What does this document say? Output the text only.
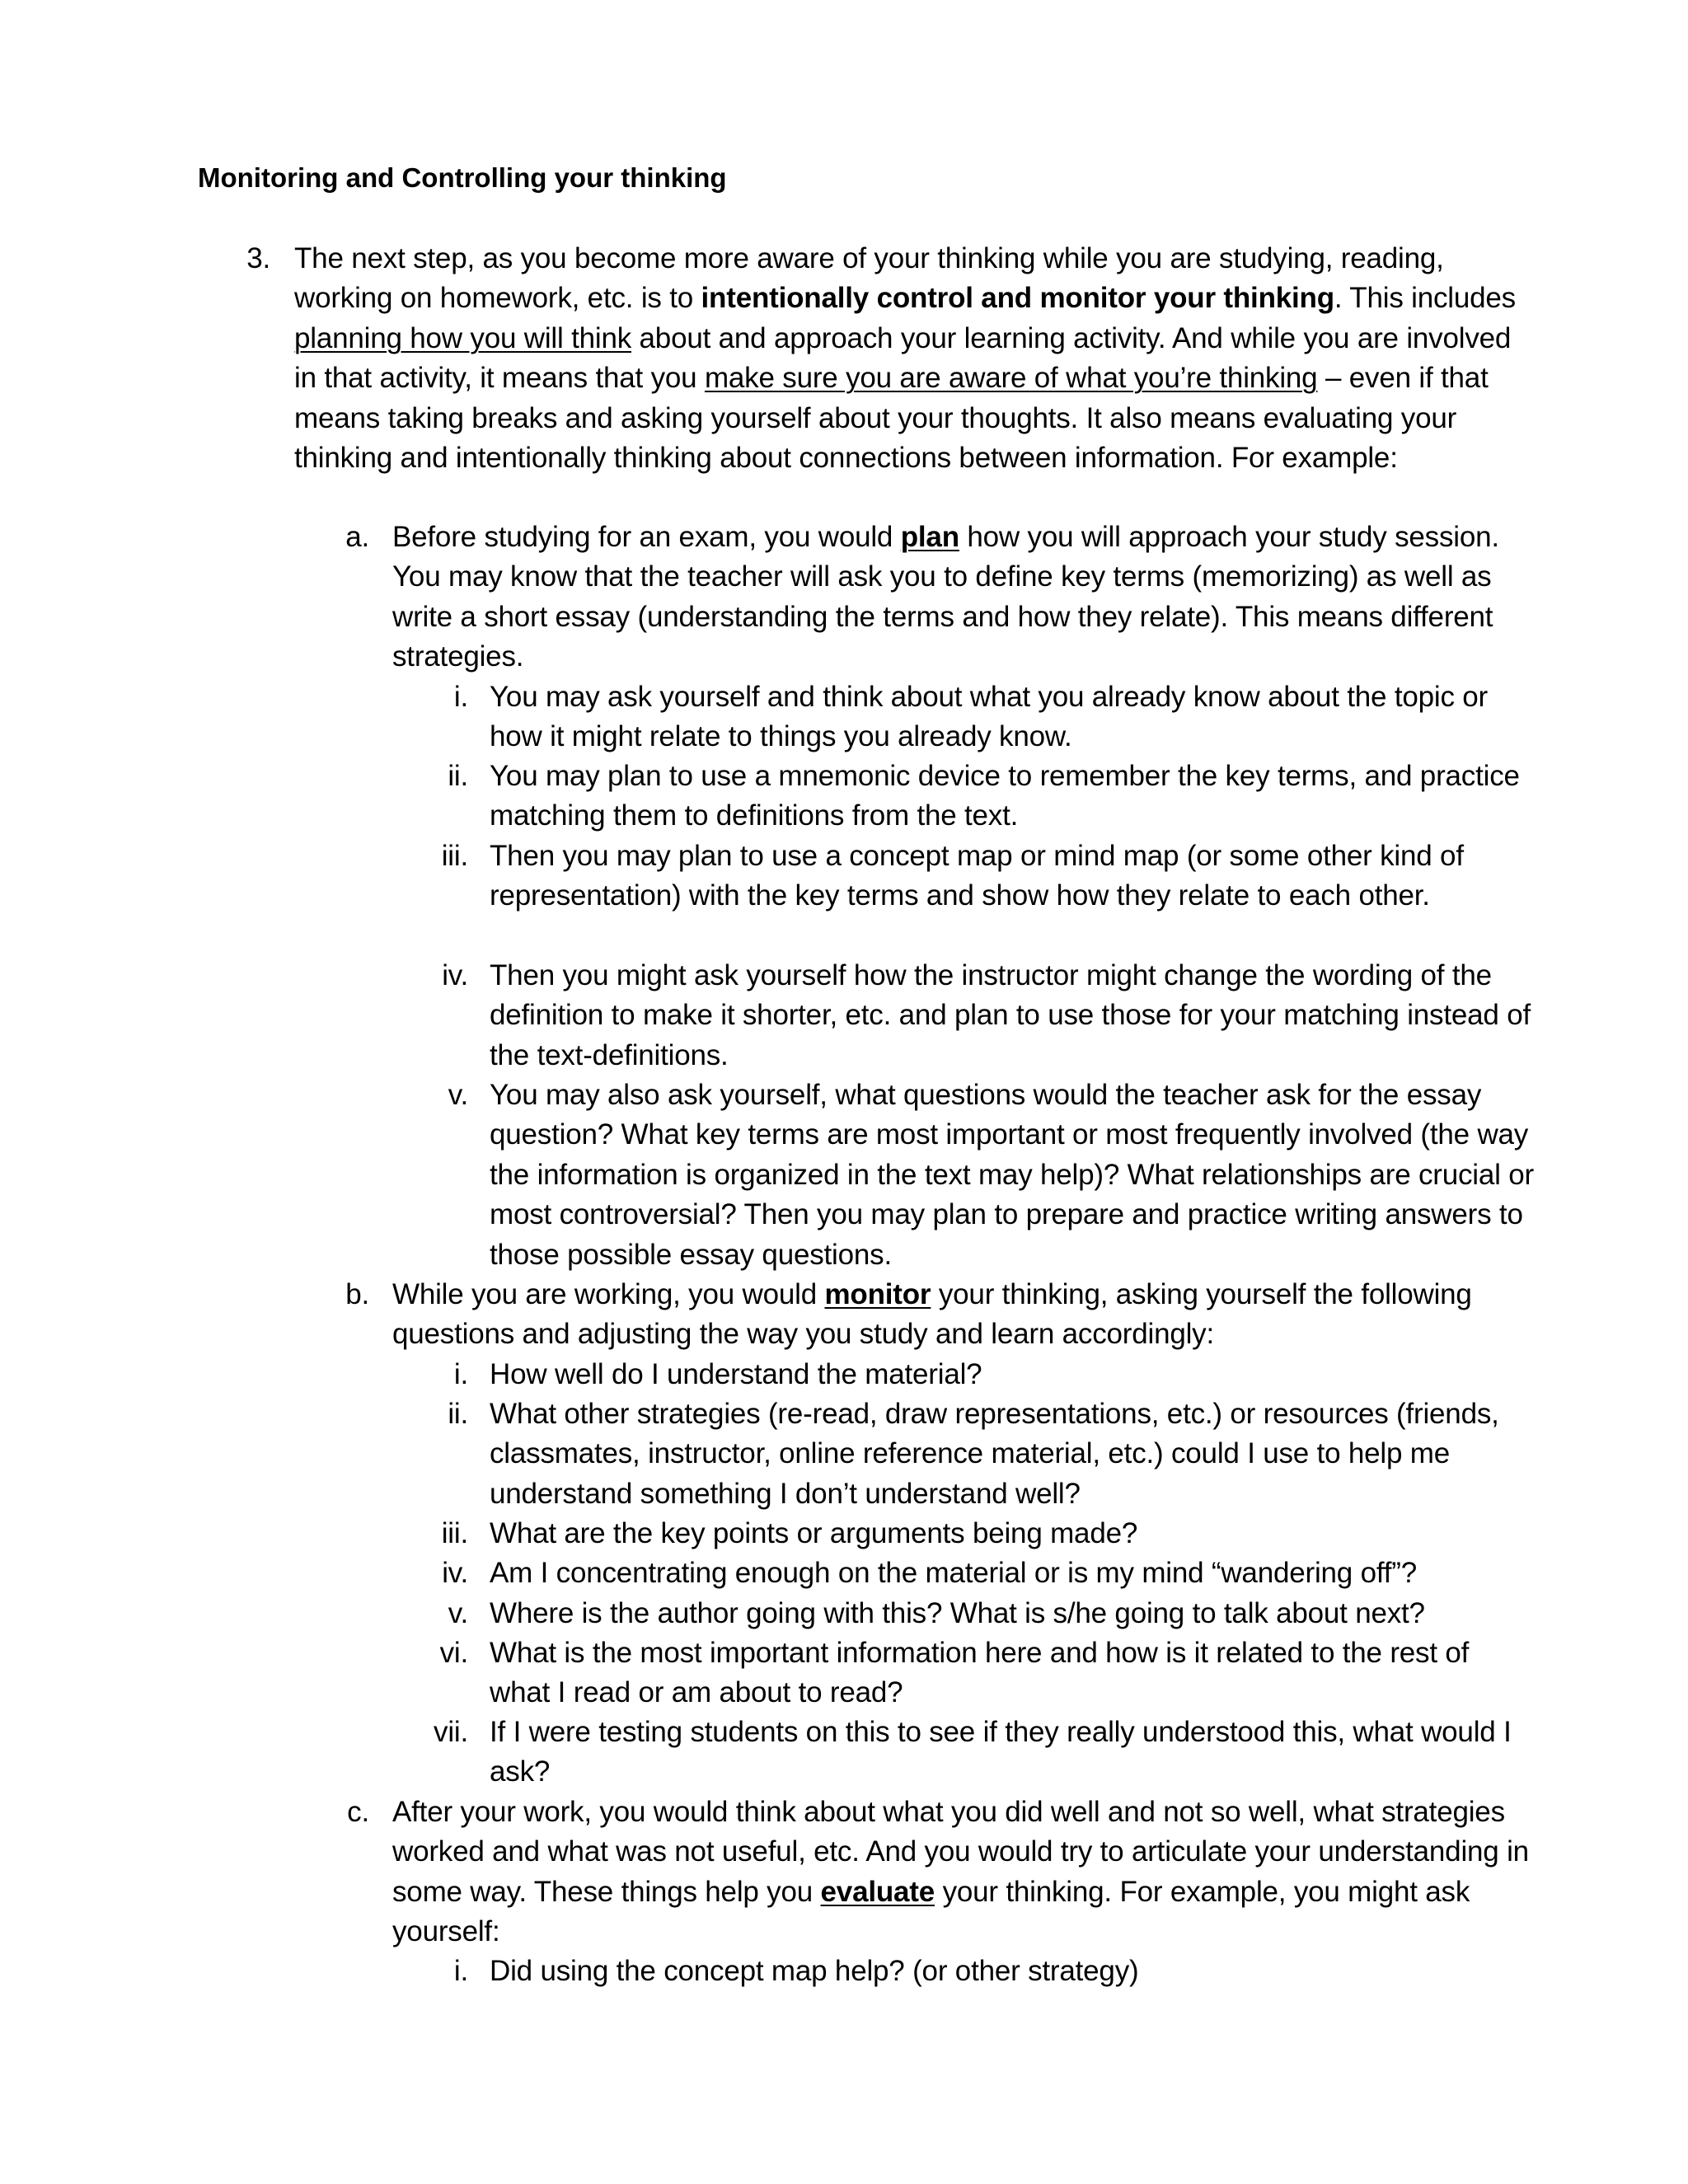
Monitoring and Controlling your thinking
3. The next step, as you become more aware of your thinking while you are studying, reading, working on homework, etc. is to intentionally control and monitor your thinking. This includes planning how you will think about and approach your learning activity. And while you are involved in that activity, it means that you make sure you are aware of what you’re thinking – even if that means taking breaks and asking yourself about your thoughts. It also means evaluating your thinking and intentionally thinking about connections between information. For example:
a. Before studying for an exam, you would plan how you will approach your study session. You may know that the teacher will ask you to define key terms (memorizing) as well as write a short essay (understanding the terms and how they relate). This means different strategies.
i. You may ask yourself and think about what you already know about the topic or how it might relate to things you already know.
ii. You may plan to use a mnemonic device to remember the key terms, and practice matching them to definitions from the text.
iii. Then you may plan to use a concept map or mind map (or some other kind of representation) with the key terms and show how they relate to each other.
iv. Then you might ask yourself how the instructor might change the wording of the definition to make it shorter, etc. and plan to use those for your matching instead of the text-definitions.
v. You may also ask yourself, what questions would the teacher ask for the essay question? What key terms are most important or most frequently involved (the way the information is organized in the text may help)? What relationships are crucial or most controversial? Then you may plan to prepare and practice writing answers to those possible essay questions.
b. While you are working, you would monitor your thinking, asking yourself the following questions and adjusting the way you study and learn accordingly:
i. How well do I understand the material?
ii. What other strategies (re-read, draw representations, etc.) or resources (friends, classmates, instructor, online reference material, etc.) could I use to help me understand something I don’t understand well?
iii. What are the key points or arguments being made?
iv. Am I concentrating enough on the material or is my mind “wandering off”?
v. Where is the author going with this? What is s/he going to talk about next?
vi. What is the most important information here and how is it related to the rest of what I read or am about to read?
vii. If I were testing students on this to see if they really understood this, what would I ask?
c. After your work, you would think about what you did well and not so well, what strategies worked and what was not useful, etc. And you would try to articulate your understanding in some way. These things help you evaluate your thinking. For example, you might ask yourself:
i. Did using the concept map help? (or other strategy)
